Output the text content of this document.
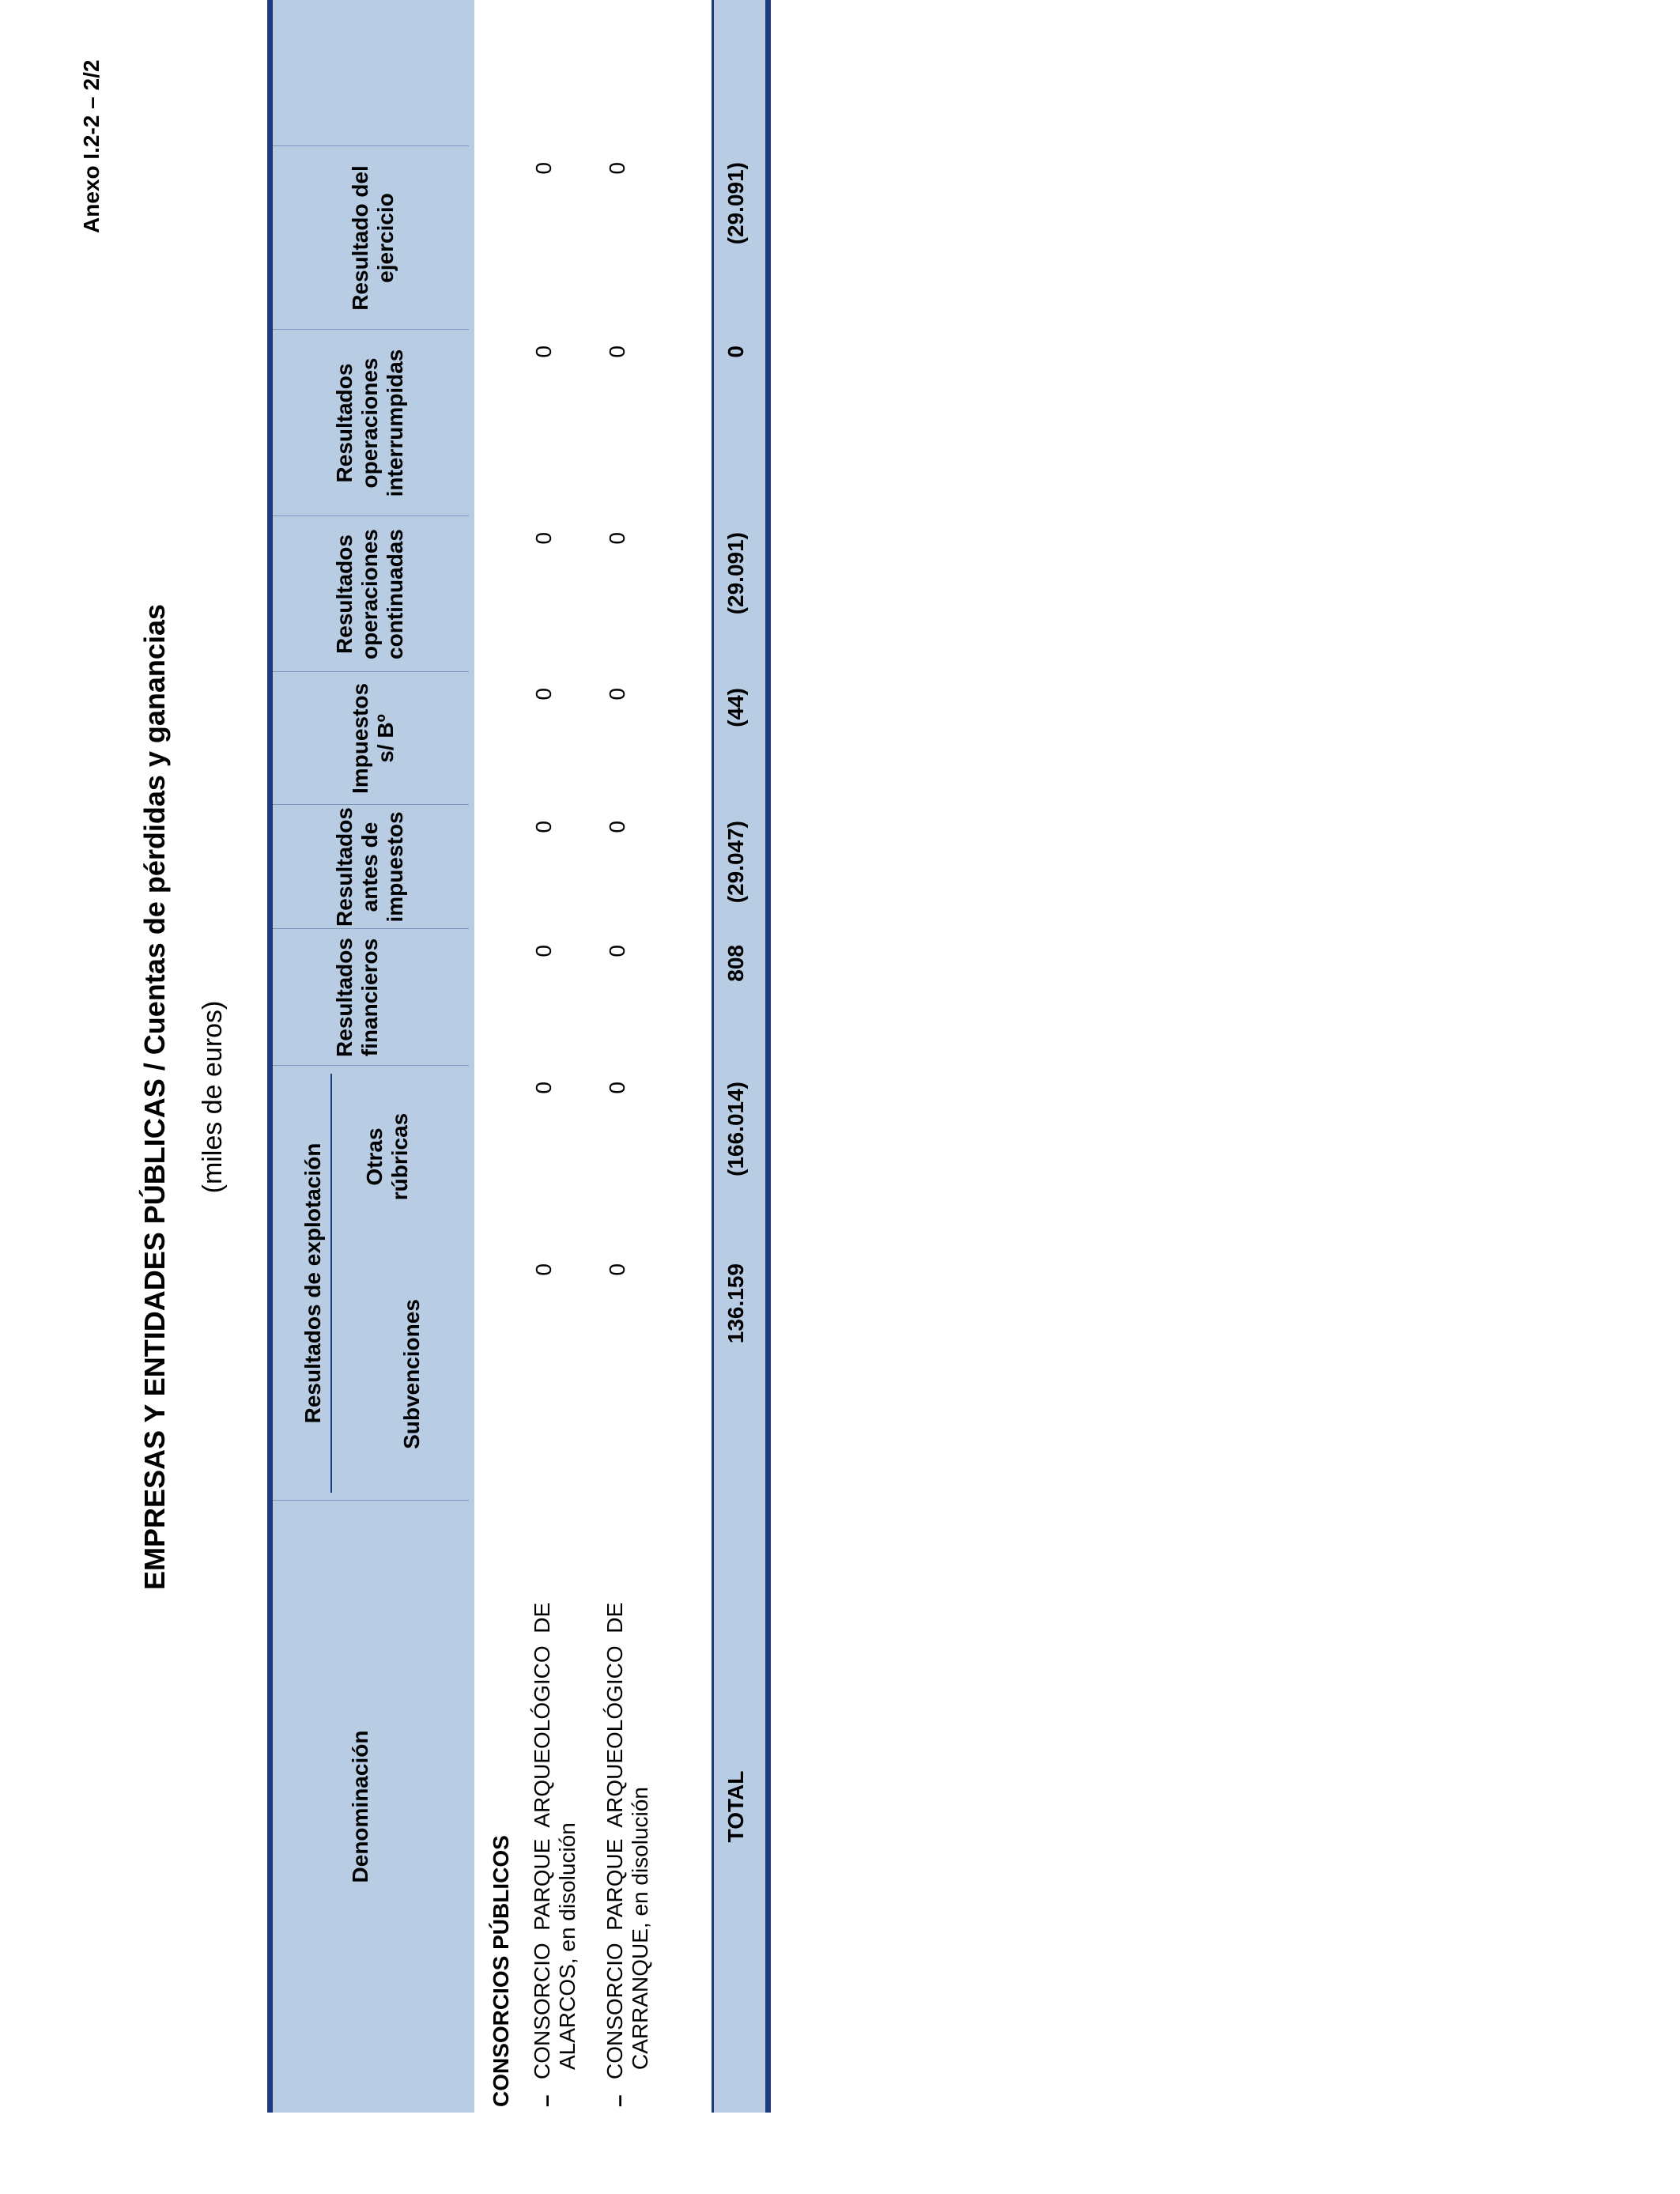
Anexo I.2-2 – 2/2
EMPRESAS Y ENTIDADES PÚBLICAS / Cuentas de pérdidas y ganancias (miles de euros)
Resultados de explotación
Denominación
Subvenciones
Otras rúbricas
Resultados financieros
Resultados antes de impuestos
Impuestos s/ Bº
Resultados operaciones continuadas
Resultados operaciones interrumpidas
Resultado del ejercicio
CONSORCIOS PÚBLICOS –
CONSORCIO  PARQUE  ARQUEOLÓGICO  DE ALARCOS, en disolución
0
0
0
0
0
0
0
0
–
CONSORCIO  PARQUE  ARQUEOLÓGICO  DE CARRANQUE, en disolución
0
0
0
0
0
0
0
0
TOTAL
136.159
(166.014)
808
(29.047)
(44)
(29.091)
0
(29.091)
